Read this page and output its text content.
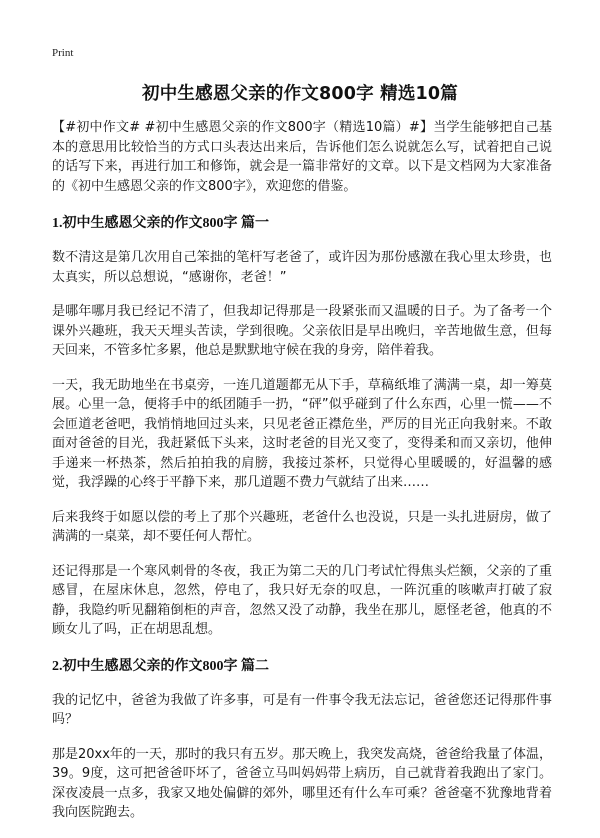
Print
初中生感恩父亲的作文800字 精选10篇

【#初中作文# #初中生感恩父亲的作文800字（精选10篇）#】当学生能够把自己基本的意思用比较恰当的方式口头表达出来后，告诉他们怎么说就怎么写，试着把自己说的话写下来，再进行加工和修饰，就会是一篇非常好的文章。以下是文档网为大家准备的《初中生感恩父亲的作文800字》，欢迎您的借鉴。

1.初中生感恩父亲的作文800字 篇一

数不清这是第几次用自己笨拙的笔杆写老爸了，或许因为那份感激在我心里太珍贵，也太真实，所以总想说，“感谢你，老爸！”

是哪年哪月我已经记不清了，但我却记得那是一段紧张而又温暖的日子。为了备考一个课外兴趣班，我天天埋头苦读，学到很晚。父亲依旧是早出晚归，辛苦地做生意，但每天回来，不管多忙多累，他总是默默地守候在我的身旁，陪伴着我。

一天，我无助地坐在书桌旁，一连几道题都无从下手，草稿纸堆了满满一桌，却一筹莫展。心里一急，便将手中的纸团随手一扔，“砰”似乎碰到了什么东西，心里一慌——不会匝道老爸吧，我悄悄地回过头来，只见老爸正襟危坐，严厉的目光正向我射来。不敢面对爸爸的目光，我赶紧低下头来，这时老爸的目光又变了，变得柔和而又亲切，他伸手递来一杯热茶，然后拍拍我的肩膀，我接过茶杯，只觉得心里暖暖的，好温馨的感觉，我浮躁的心终于平静下来，那几道题不费力气就结了出来……

后来我终于如愿以偿的考上了那个兴趣班，老爸什么也没说，只是一头扎进厨房，做了满满的一桌菜，却不要任何人帮忙。

还记得那是一个寒风刺骨的冬夜，我正为第二天的几门考试忙得焦头烂额，父亲的了重感冒，在屋床休息，忽然，停电了，我只好无奈的叹息，一阵沉重的咳嗽声打破了寂静，我隐约听见翻箱倒柜的声音，忽然又没了动静，我坐在那儿，愿怪老爸，他真的不顾女儿了吗，正在胡思乱想。

2.初中生感恩父亲的作文800字 篇二

我的记忆中，爸爸为我做了许多事，可是有一件事令我无法忘记，爸爸您还记得那件事吗？

那是20xx年的一天，那时的我只有五岁。那天晚上，我突发高烧，爸爸给我量了体温，39。9度，这可把爸爸吓坏了，爸爸立马叫妈妈带上病历，自己就背着我跑出了家门。深夜凌晨一点多，我家又地处偏僻的郊外，哪里还有什么车可乘？爸爸毫不犹豫地背着我向医院跑去。
